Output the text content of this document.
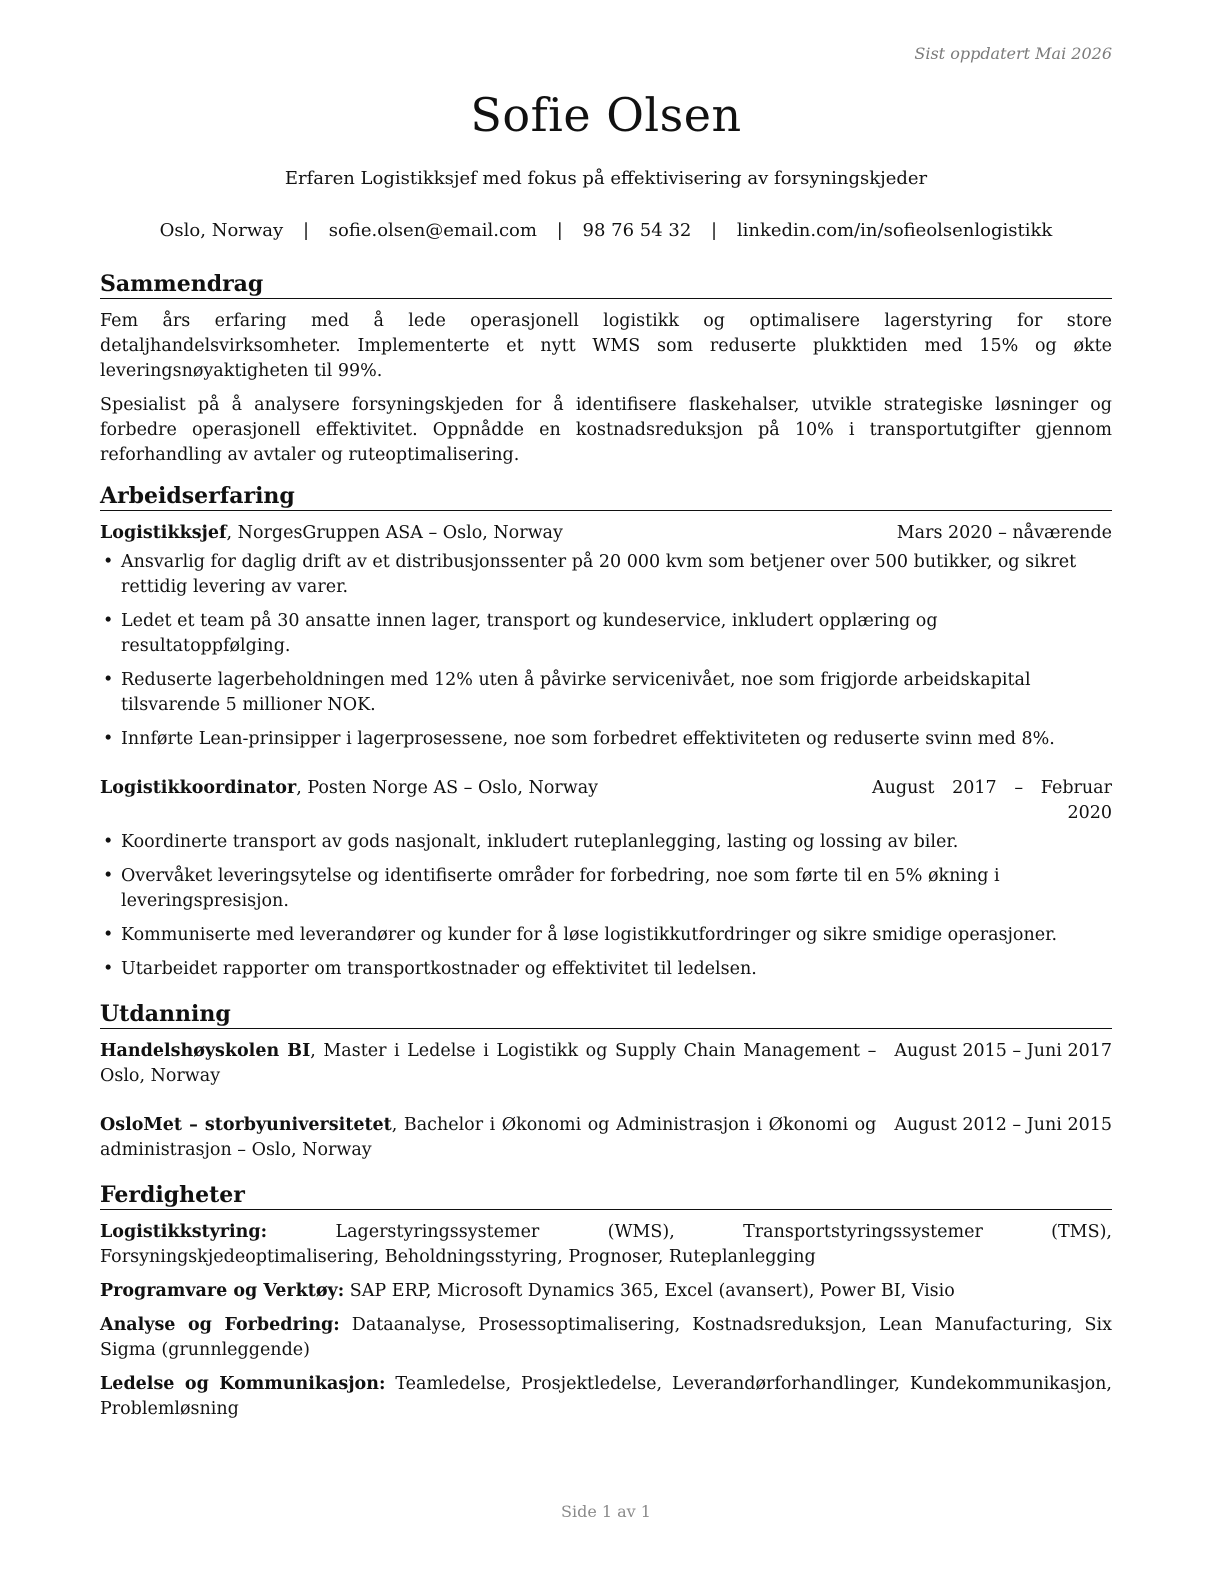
Sist oppdatert Mai 2026
Sofie Olsen
Erfaren Logistikksjef med fokus på effektivisering av forsyningskjeder
Oslo, Norway | sofie.olsen@email.com | 98 76 54 32 | linkedin.com/in/sofieolsenlogistikk
Sammendrag

Fem års erfaring med å lede operasjonell logistikk og optimalisere lagerstyring for store detaljhandelsvirksomheter. Implementerte et nytt WMS som reduserte plukktiden med 15% og økte leveringsnøyaktigheten til 99%.

Spesialist på å analysere forsyningskjeden for å identifisere flaskehalser, utvikle strategiske løsninger og forbedre operasjonell effektivitet. Oppnådde en kostnadsreduksjon på 10% i transportutgifter gjennom reforhandling av avtaler og ruteoptimalisering.

Arbeidserfaring
Logistikksjef, NorgesGruppen ASA – Oslo, Norway	Mars 2020 – nåværende
• Ansvarlig for daglig drift av et distribusjonssenter på 20 000 kvm som betjener over 500 butikker, og sikret rettidig levering av varer.
• Ledet et team på 30 ansatte innen lager, transport og kundeservice, inkludert opplæring og resultatoppfølging.
• Reduserte lagerbeholdningen med 12% uten å påvirke servicenivået, noe som frigjorde arbeidskapital tilsvarende 5 millioner NOK.
• Innførte Lean-prinsipper i lagerprosessene, noe som forbedret effektiviteten og reduserte svinn med 8%.
Logistikkoordinator, Posten Norge AS – Oslo, Norway	August 2017 – Februar 2020
• Koordinerte transport av gods nasjonalt, inkludert ruteplanlegging, lasting og lossing av biler.
• Overvåket leveringsytelse og identifiserte områder for forbedring, noe som førte til en 5% økning i leveringspresisjon.
• Kommuniserte med leverandører og kunder for å løse logistikkutfordringer og sikre smidige operasjoner.
• Utarbeidet rapporter om transportkostnader og effektivitet til ledelsen.
Utdanning
Handelshøyskolen BI, Master i Ledelse i Logistikk og Supply Chain Management – Oslo, Norway
August 2015 – Juni 2017
OsloMet – storbyuniversitetet, Bachelor i Økonomi og Administrasjon i Økonomi og administrasjon – Oslo, Norway
August 2012 – Juni 2015
Ferdigheter
Logistikkstyring:	Lagerstyringssystemer (WMS), Transportstyringssystemer (TMS), Forsyningskjedeoptimalisering, Beholdningsstyring, Prognoser, Ruteplanlegging
Programvare og Verktøy: SAP ERP, Microsoft Dynamics 365, Excel (avansert), Power BI, Visio
Analyse og Forbedring: Dataanalyse, Prosessoptimalisering, Kostnadsreduksjon, Lean Manufacturing, Six Sigma (grunnleggende)
Ledelse og Kommunikasjon: Teamledelse, Prosjektledelse, Leverandørforhandlinger, Kundekommunikasjon, Problemløsning
Side 1 av 1
